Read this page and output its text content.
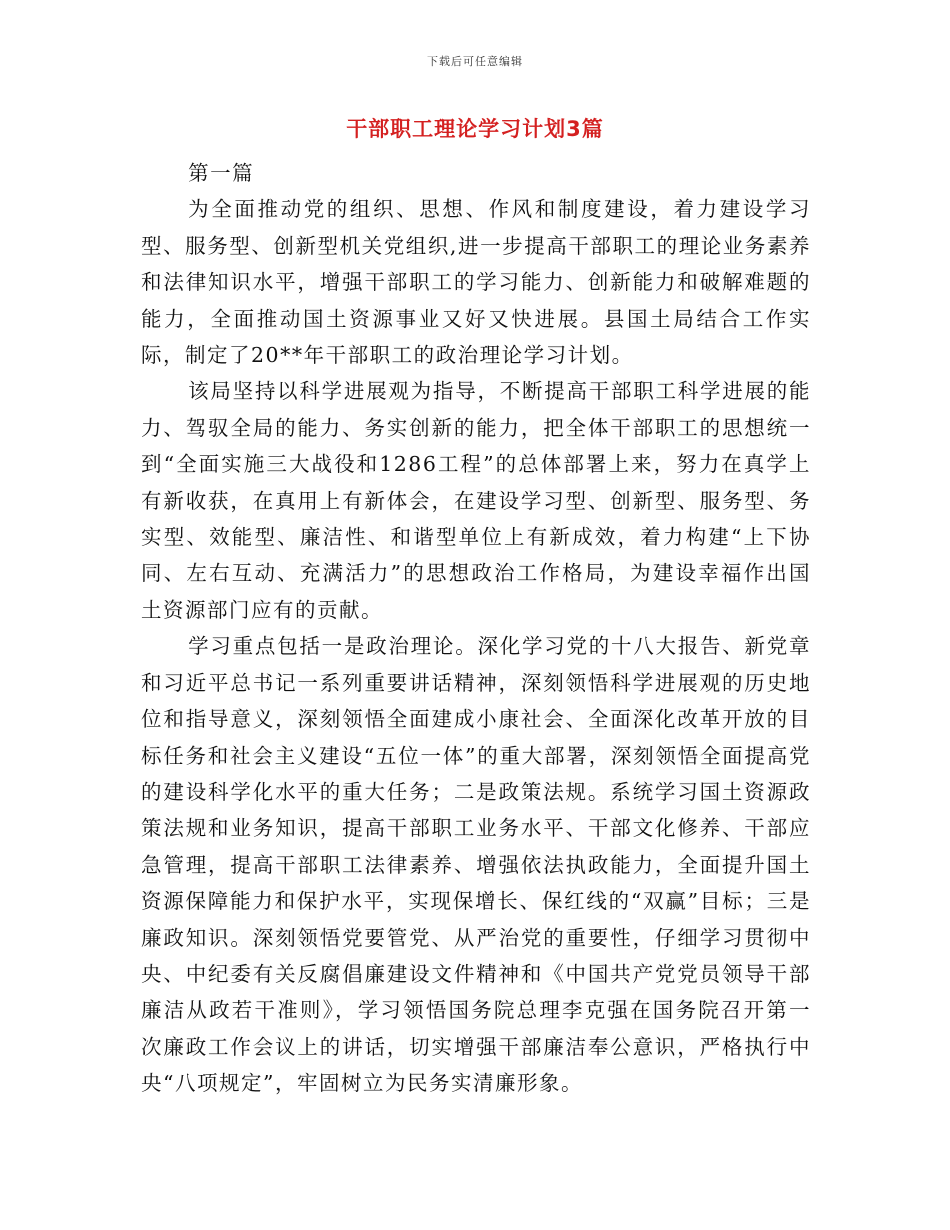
下载后可任意编辑
干部职工理论学习计划3篇

第一篇

为全面推动党的组织、思想、作风和制度建设，着力建设学习型、服务型、创新型机关党组织,进一步提高干部职工的理论业务素养和法律知识水平，增强干部职工的学习能力、创新能力和破解难题的能力，全面推动国土资源事业又好又快进展。县国土局结合工作实际，制定了20**年干部职工的政治理论学习计划。

该局坚持以科学进展观为指导，不断提高干部职工科学进展的能力、驾驭全局的能力、务实创新的能力，把全体干部职工的思想统一到“全面实施三大战役和1286工程”的总体部署上来，努力在真学上有新收获，在真用上有新体会，在建设学习型、创新型、服务型、务实型、效能型、廉洁性、和谐型单位上有新成效，着力构建“上下协同、左右互动、充满活力”的思想政治工作格局，为建设幸福作出国土资源部门应有的贡献。

学习重点包括一是政治理论。深化学习党的十八大报告、新党章和习近平总书记一系列重要讲话精神，深刻领悟科学进展观的历史地位和指导意义，深刻领悟全面建成小康社会、全面深化改革开放的目标任务和社会主义建设“五位一体”的重大部署，深刻领悟全面提高党的建设科学化水平的重大任务；二是政策法规。系统学习国土资源政策法规和业务知识，提高干部职工业务水平、干部文化修养、干部应急管理，提高干部职工法律素养、增强依法执政能力，全面提升国土资源保障能力和保护水平，实现保增长、保红线的“双赢”目标；三是廉政知识。深刻领悟党要管党、从严治党的重要性，仔细学习贯彻中央、中纪委有关反腐倡廉建设文件精神和《中国共产党党员领导干部廉洁从政若干准则》，学习领悟国务院总理李克强在国务院召开第一次廉政工作会议上的讲话，切实增强干部廉洁奉公意识，严格执行中央“八项规定”，牢固树立为民务实清廉形象。
